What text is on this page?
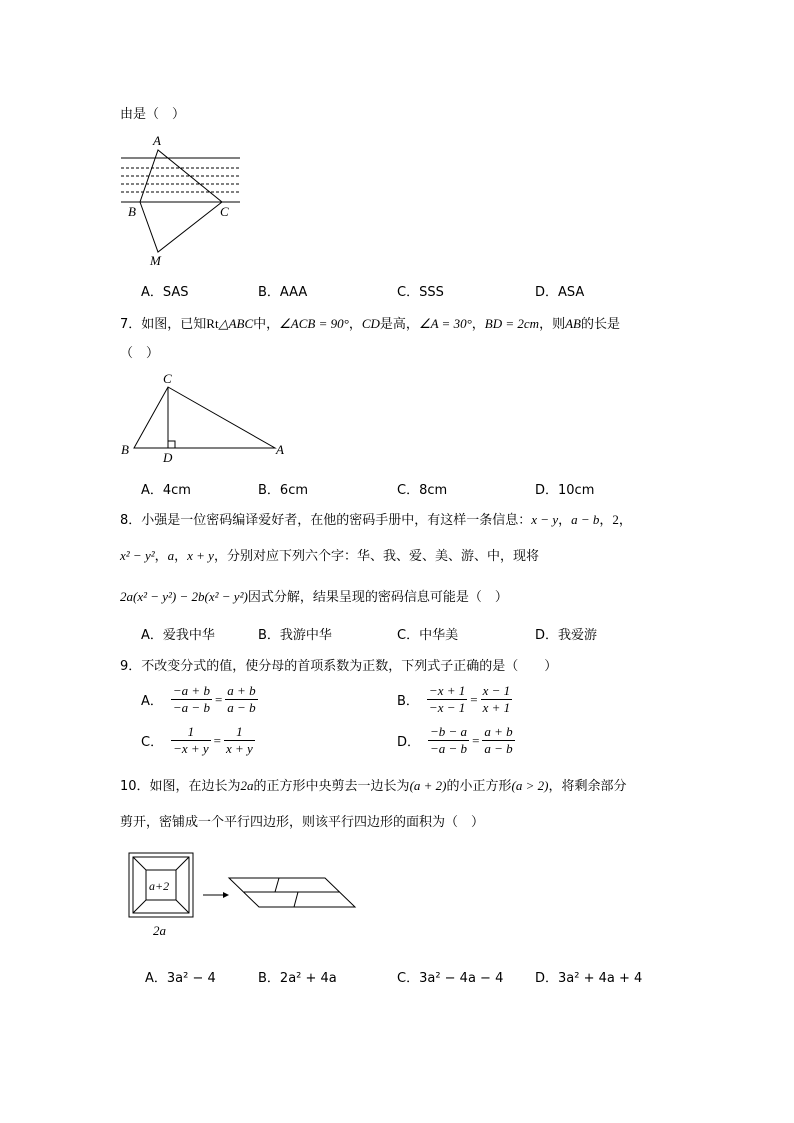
由是（　）
A
B	C
M
A．SAS	B．AAA	C．SSS	D．ASA
7．如图，已知Rt△ABC中，∠ACB = 90°，CD是高，∠A = 30°，BD = 2cm，则AB的长是
（　）
C
B
D
A
A．4cm	B．6cm	C．8cm	D．10cm
8．小强是一位密码编译爱好者，在他的密码手册中，有这样一条信息：x − y，a − b，2，
x² − y²，a，x + y，分别对应下列六个字：华、我、爱、美、游、中，现将
2a(x² − y²) − 2b(x² − y²)因式分解，结果呈现的密码信息可能是（　）
A．爱我中华	B．我游中华	C．中华美	D．我爱游
9．不改变分式的值，使分母的首项系数为正数，下列式子正确的是（　　）
A． $\frac{-a + b}{-a - b} = \frac{a + b}{a - b}$	B． $\frac{-x + 1}{-x - 1} = \frac{x - 1}{x + 1}$
C． $\frac{1}{-x + y} = \frac{1}{x + y}$	D． $\frac{-b - a}{-a - b} = \frac{a + b}{a - b}$
10．如图，在边长为2a的正方形中央剪去一边长为(a + 2)的小正方形(a > 2)，将剩余部分
剪开，密铺成一个平行四边形，则该平行四边形的面积为（　）
a+2
2a
A．3a² − 4	B．2a² + 4a	C．3a² − 4a − 4 D．3a² + 4a + 4
